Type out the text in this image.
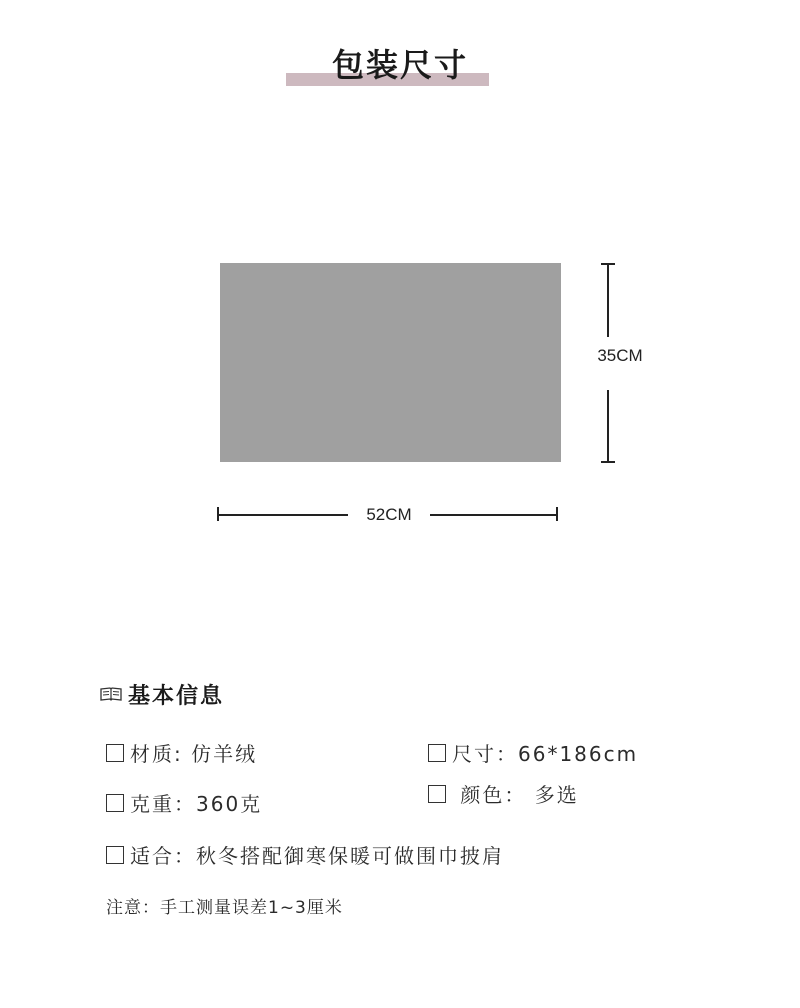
包装尺寸
35CM
52CM
基本信息
材质: 仿羊绒	尺寸：66*186cm
克重：360克	颜色： 多选
适合：秋冬搭配御寒保暖可做围巾披肩
注意：手工测量误差1~3厘米
